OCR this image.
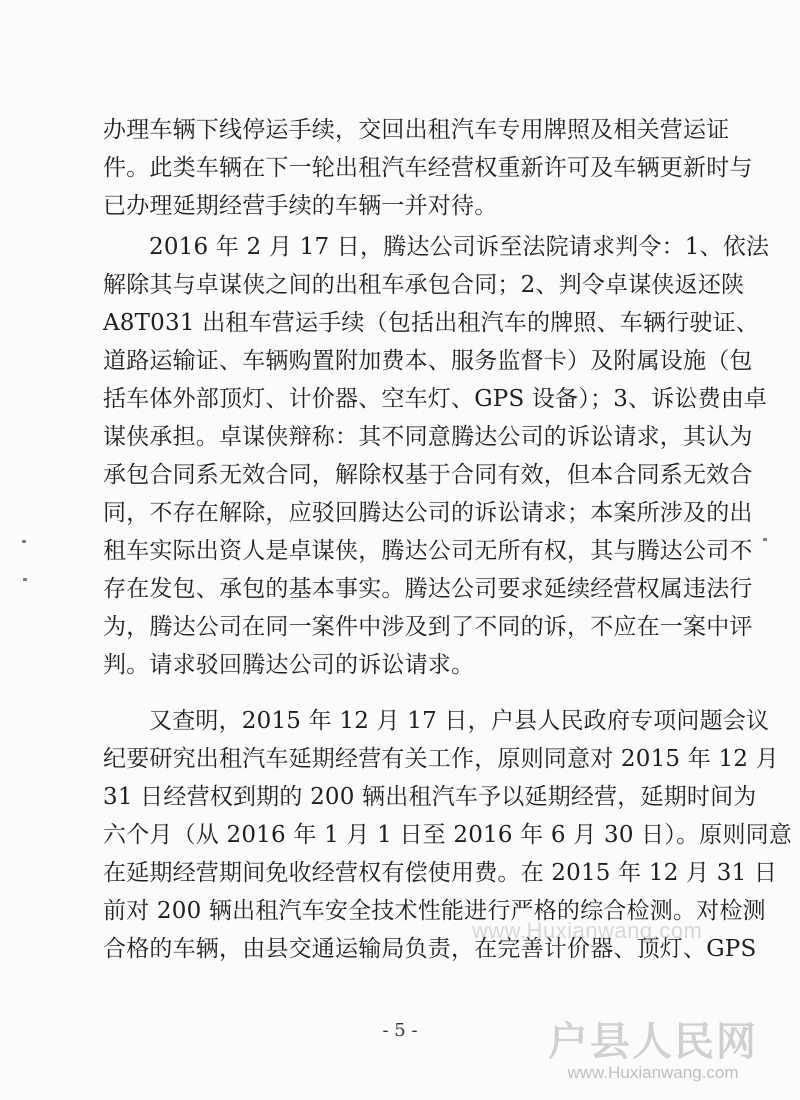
办理车辆下线停运手续，交回出租汽车专用牌照及相关营运证
件。此类车辆在下一轮出租汽车经营权重新许可及车辆更新时与
已办理延期经营手续的车辆一并对待。
2016 年 2 月 17 日，腾达公司诉至法院请求判令：1、依法
解除其与卓谋侠之间的出租车承包合同；2、判令卓谋侠返还陕
A8T031 出租车营运手续（包括出租汽车的牌照、车辆行驶证、
道路运输证、车辆购置附加费本、服务监督卡）及附属设施（包
括车体外部顶灯、计价器、空车灯、GPS 设备）；3、诉讼费由卓
谋侠承担。卓谋侠辩称：其不同意腾达公司的诉讼请求，其认为
承包合同系无效合同，解除权基于合同有效，但本合同系无效合
同，不存在解除，应驳回腾达公司的诉讼请求；本案所涉及的出
租车实际出资人是卓谋侠，腾达公司无所有权，其与腾达公司不
存在发包、承包的基本事实。腾达公司要求延续经营权属违法行
为，腾达公司在同一案件中涉及到了不同的诉，不应在一案中评
判。请求驳回腾达公司的诉讼请求。
又查明，2015 年 12 月 17 日，户县人民政府专项问题会议
纪要研究出租汽车延期经营有关工作，原则同意对 2015 年 12 月
31 日经营权到期的 200 辆出租汽车予以延期经营，延期时间为
六个月（从 2016 年 1 月 1 日至 2016 年 6 月 30 日）。原则同意
在延期经营期间免收经营权有偿使用费。在 2015 年 12 月 31 日
前对 200 辆出租汽车安全技术性能进行严格的综合检测。对检测
合格的车辆，由县交通运输局负责，在完善计价器、顶灯、GPS
www.Huxianwang.com
- 5 -	户县人民网
www.Huxianwang.com
